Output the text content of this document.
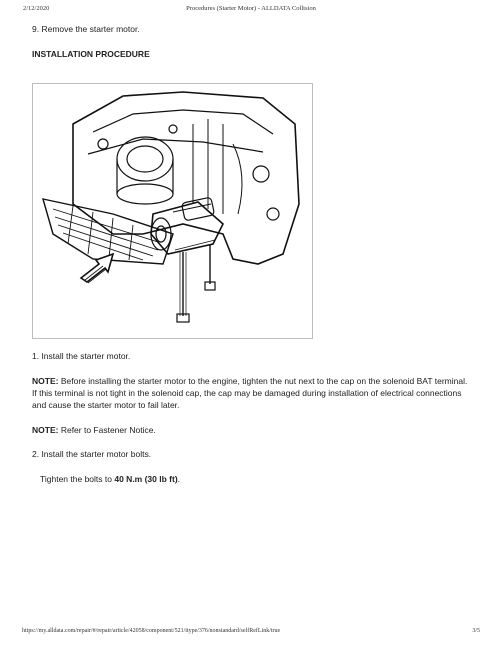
2/12/2020	Procedures (Starter Motor) - ALLDATA Collision
9. Remove the starter motor.
INSTALLATION PROCEDURE
1. Install the starter motor.
NOTE: Before installing the starter motor to the engine, tighten the nut next to the cap on the solenoid BAT terminal.
If this terminal is not tight in the solenoid cap, the cap may be damaged during installation of electrical connections
and cause the starter motor to fail later.
NOTE: Refer to Fastener Notice.
2. Install the starter motor bolts.
Tighten the bolts to 40 N.m (30 lb ft).
https://my.alldata.com/repair/#/repair/article/42058/component/521/itype/376/nonstandard/selfRefLink/true	3/5
